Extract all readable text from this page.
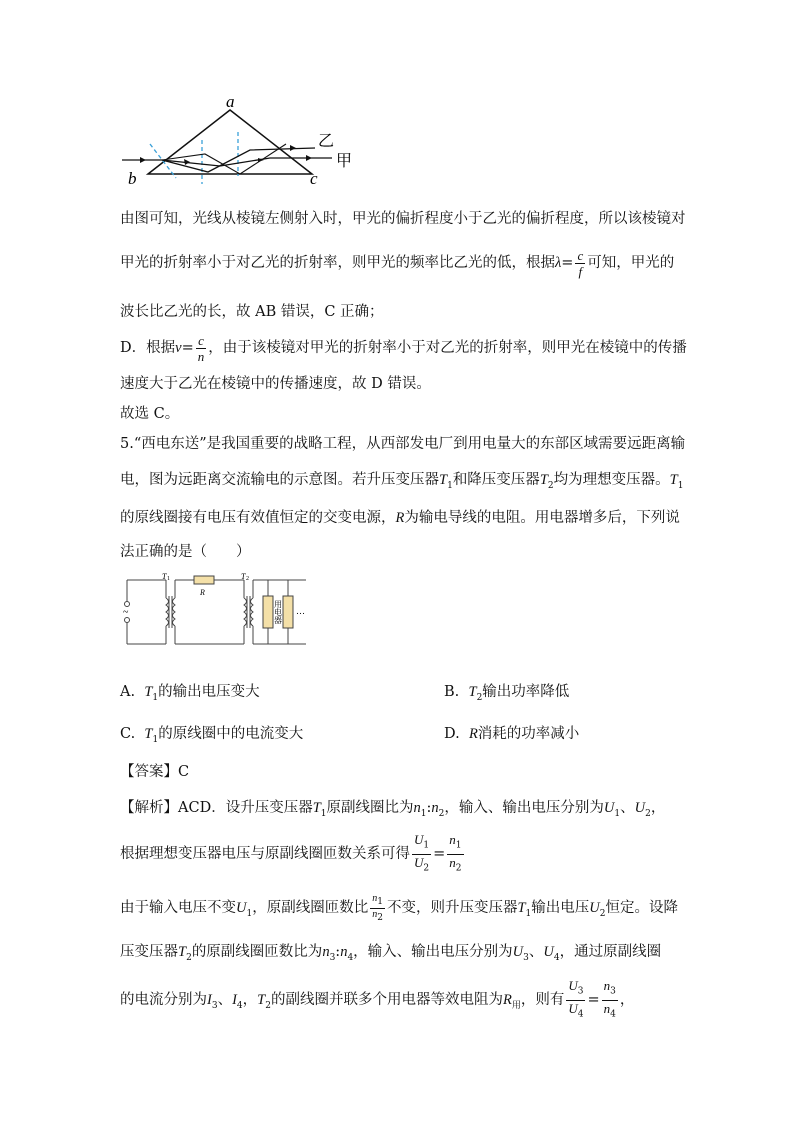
a
b	c
乙
甲
由图可知，光线从棱镜左侧射入时，甲光的偏折程度小于乙光的偏折程度，所以该棱镜对
甲光的折射率小于对乙光的折射率，则甲光的频率比乙光的低，根据$\lambda= \frac{c}{f}$ 可知，甲光的
波长比乙光的长，故 AB 错误，C 正确；
D．根据$v= \frac{c}{n}$ ，由于该棱镜对甲光的折射率小于对乙光的折射率，则甲光在棱镜中的传播
速度大于乙光在棱镜中的传播速度，故 D 错误。
故选 C。
5.“西电东送”是我国重要的战略工程，从西部发电厂到用电量大的东部区域需要远距离输
电，图为远距离交流输电的示意图。若升压变压器$T_1$和降压变压器$T_2$均为理想变压器。$T_1$
的原线圈接有电压有效值恒定的交变电源，R为输电导线的电阻。用电器增多后，下列说
法正确的是（　　）
~
T 1	T 2
R
用电器 …
A. $T_1$的输出电压变大	B. $T_2$输出功率降低
C. $T_1$的原线圈中的电流变大	D. R消耗的功率减小
【答案】C
【解析】ACD．设升压变压器$T_1$原副线圈比为$n_1:n_2$，输入、输出电压分别为$U_1$、$U_2$，
根据理想变压器电压与原副线圈匝数关系可得 $\frac{U_1}{U_2} = \frac{n_1}{n_2}$
由于输入电压不变$U_1$，原副线圈匝数比 $\frac{n_1}{n_2}$ 不变，则升压变压器$T_1$输出电压$U_2$恒定。设降
压变压器$T_2$的原副线圈匝数比为$n_3:n_4$，输入、输出电压分别为$U_3$、$U_4$，通过原副线圈
的电流分别为$I_3$、$I_4$，$T_2$的副线圈并联多个用电器等效电阻为$R_用$，则有 $\frac{U_3}{U_4} = \frac{n_3}{n_4}$ ，
